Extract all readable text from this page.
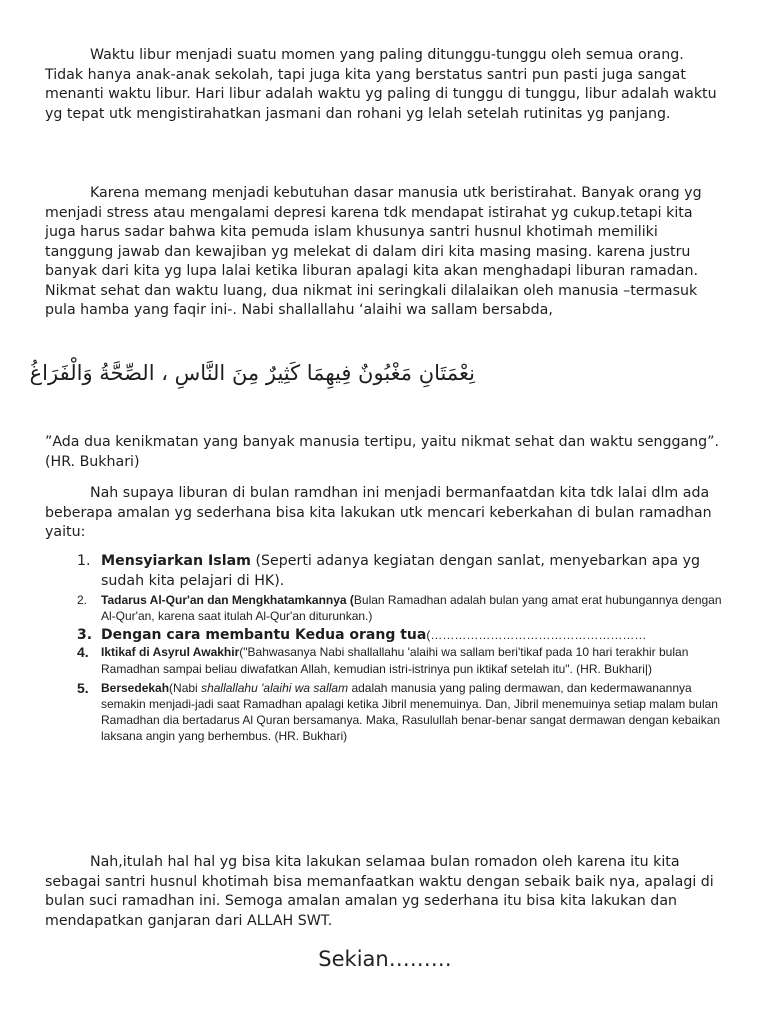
Waktu libur menjadi suatu momen yang paling ditunggu-tunggu oleh semua orang. Tidak hanya anak-anak sekolah, tapi juga kita yang berstatus santri pun pasti juga sangat menanti waktu libur. Hari libur adalah waktu yg paling di tunggu di tunggu, libur adalah waktu yg tepat utk mengistirahatkan jasmani dan rohani yg lelah setelah rutinitas yg panjang.

Karena memang menjadi kebutuhan dasar manusia utk beristirahat. Banyak orang yg menjadi stress atau mengalami depresi karena tdk mendapat istirahat yg cukup.tetapi kita juga harus sadar bahwa kita pemuda islam khusunya santri husnul khotimah memiliki tanggung jawab dan kewajiban yg melekat di dalam diri kita masing masing. karena justru banyak dari kita yg lupa lalai ketika liburan apalagi kita akan menghadapi liburan ramadan. Nikmat sehat dan waktu luang, dua nikmat ini seringkali dilalaikan oleh manusia –termasuk pula hamba yang faqir ini-. Nabi shallallahu ‘alaihi wa sallam bersabda,

نِعْمَتَانِ مَغْبُونٌ فِيهِمَا كَثِيرٌ مِنَ النَّاسِ ، الصِّحَّةُ وَالْفَرَاغُ

”Ada dua kenikmatan yang banyak manusia tertipu, yaitu nikmat sehat dan waktu senggang”. (HR. Bukhari)

Nah supaya liburan di bulan ramdhan ini menjadi bermanfaatdan kita tdk lalai dlm ada beberapa amalan yg sederhana bisa kita lakukan utk mencari keberkahan di bulan ramadhan yaitu:

1. Mensyiarkan Islam (Seperti adanya kegiatan dengan sanlat, menyebarkan apa yg sudah kita pelajari di HK).
2. Tadarus Al-Qur'an dan Mengkhatamkannya (Bulan Ramadhan adalah bulan yang amat erat hubungannya dengan Al-Qur'an, karena saat itulah Al-Qur'an diturunkan.)
3. Dengan cara membantu Kedua orang tua(………………………………………………
4. Iktikaf di Asyrul Awakhir("Bahwasanya Nabi shallallahu 'alaihi wa sallam beri'tikaf pada 10 hari terakhir bulan Ramadhan sampai beliau diwafatkan Allah, kemudian istri-istrinya pun iktikaf setelah itu". (HR. Bukhari|)
5. Bersedekah(Nabi shallallahu 'alaihi wa sallam adalah manusia yang paling dermawan, dan kedermawanannya semakin menjadi-jadi saat Ramadhan apalagi ketika Jibril menemuinya. Dan, Jibril menemuinya setiap malam bulan Ramadhan dia bertadarus Al Quran bersamanya. Maka, Rasulullah benar-benar sangat dermawan dengan kebaikan laksana angin yang berhembus. (HR. Bukhari)

Nah,itulah hal hal yg bisa kita lakukan selamaa bulan romadon oleh karena itu kita sebagai santri husnul khotimah bisa memanfaatkan waktu dengan sebaik baik nya, apalagi di bulan suci ramadhan ini. Semoga amalan amalan yg sederhana itu bisa kita lakukan dan mendapatkan ganjaran dari ALLAH SWT.

Sekian………
